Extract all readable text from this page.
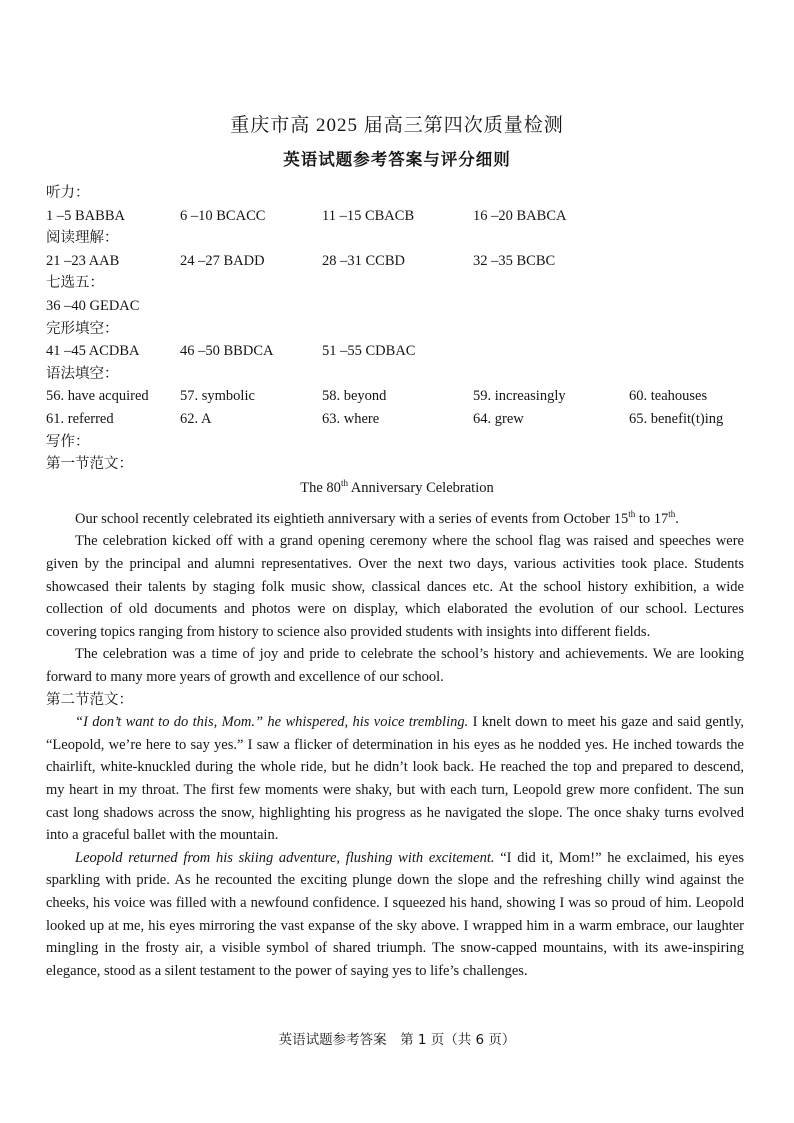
重庆市高 2025 届高三第四次质量检测
英语试题参考答案与评分细则
听力：
1 –5 BABBA	6 –10 BCACC	11 –15 CBACB	16 –20 BABCA
阅读理解：
21 –23 AAB	24 –27 BADD	28 –31 CCBD	32 –35 BCBC
七选五：
36 –40 GEDAC
完形填空：
41 –45 ACDBA	46 –50 BBDCA	51 –55 CDBAC
语法填空：
56. have acquired 57. symbolic	58. beyond	59. increasingly	60. teahouses
61. referred	62. A	63. where	64. grew	65. benefit(t)ing
写作：
第一节范文：
The 80th Anniversary Celebration

Our school recently celebrated its eightieth anniversary with a series of events from October 15th to 17th.

The celebration kicked off with a grand opening ceremony where the school flag was raised and speeches were given by the principal and alumni representatives. Over the next two days, various activities took place. Students showcased their talents by staging folk music show, classical dances etc. At the school history exhibition, a wide collection of old documents and photos were on display, which elaborated the evolution of our school. Lectures covering topics ranging from history to science also provided students with insights into different fields.

The celebration was a time of joy and pride to celebrate the school’s history and achievements. We are looking forward to many more years of growth and excellence of our school.

第二节范文：

“I don’t want to do this, Mom.” he whispered, his voice trembling. I knelt down to meet his gaze and said gently, “Leopold, we’re here to say yes.” I saw a flicker of determination in his eyes as he nodded yes. He inched towards the chairlift, white-knuckled during the whole ride, but he didn’t look back. He reached the top and prepared to descend, my heart in my throat. The first few moments were shaky, but with each turn, Leopold grew more confident. The sun cast long shadows across the snow, highlighting his progress as he navigated the slope. The once shaky turns evolved into a graceful ballet with the mountain.

Leopold returned from his skiing adventure, flushing with excitement. “I did it, Mom!” he exclaimed, his eyes sparkling with pride. As he recounted the exciting plunge down the slope and the refreshing chilly wind against the cheeks, his voice was filled with a newfound confidence. I squeezed his hand, showing I was so proud of him. Leopold looked up at me, his eyes mirroring the vast expanse of the sky above. I wrapped him in a warm embrace, our laughter mingling in the frosty air, a visible symbol of shared triumph. The snow-capped mountains, with its awe-inspiring elegance, stood as a silent testament to the power of saying yes to life’s challenges.

英语试题参考答案　第 1 页（共 6 页）
